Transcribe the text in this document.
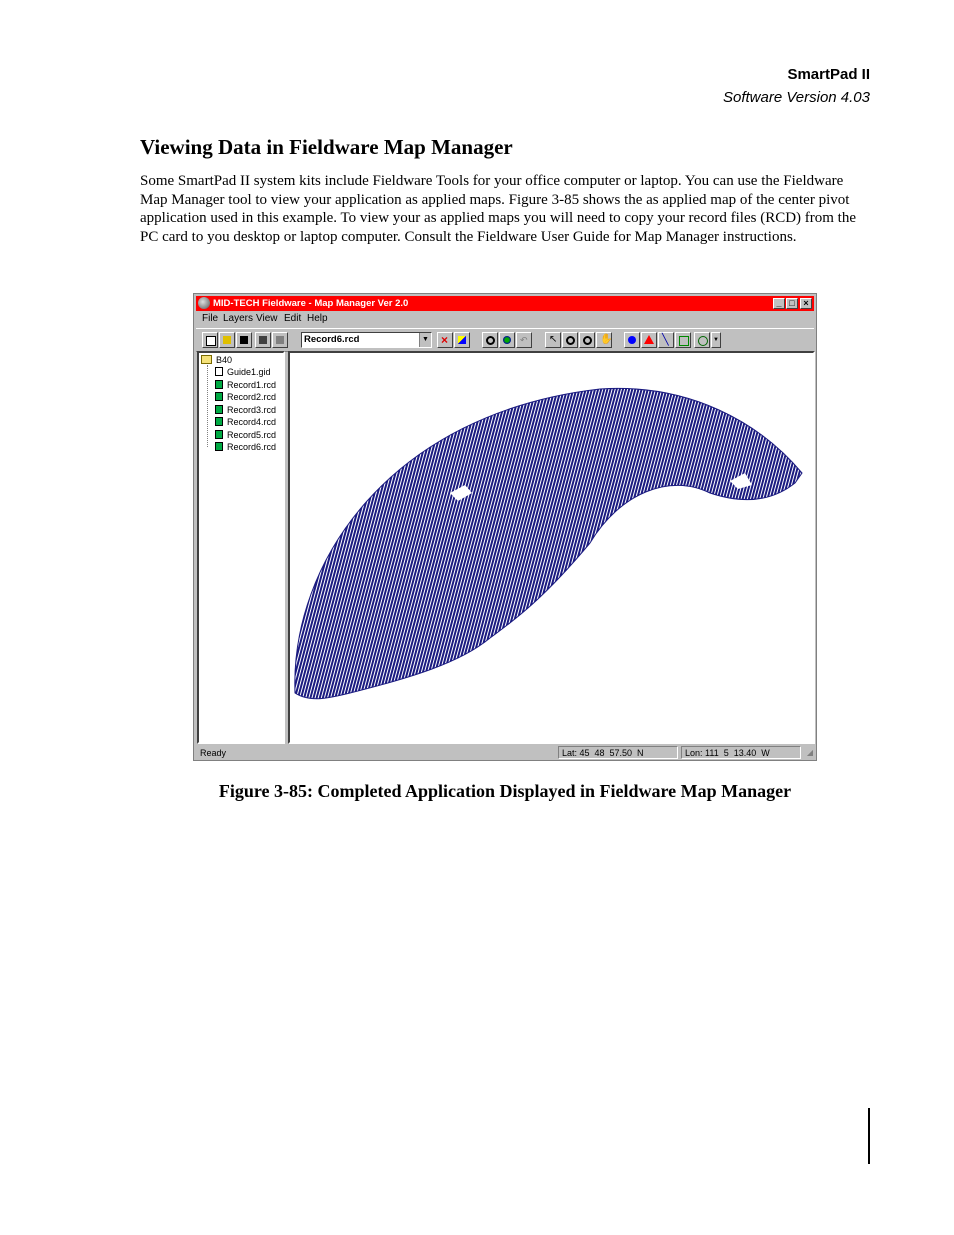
SmartPad II
Software Version 4.03
Viewing Data in Fieldware Map Manager

Some SmartPad II system kits include Fieldware Tools for your office computer or laptop. You can use the Fieldware Map Manager tool to view your application as applied maps. Figure 3-85 shows the as applied map of the center pivot application used in this example. To view your as applied maps you will need to copy your record files (RCD) from the PC card to you desktop or laptop computer. Consult the Fieldware User Guide for Map Manager instructions.

MID-TECH Fieldware - Map Manager Ver 2.0	_ □ ×
File Layers View Edit Help
Record6.rcd	▼ ×	↶ ↖	✋	╲	▼
B40
Guide1.gid
Record1.rcd
Record2.rcd
Record3.rcd
Record4.rcd
Record5.rcd
Record6.rcd
Ready	Lat: 45  48  57.50  N	Lon: 111  5  13.40  W	◢
Figure 3-85: Completed Application Displayed in Fieldware Map Manager
